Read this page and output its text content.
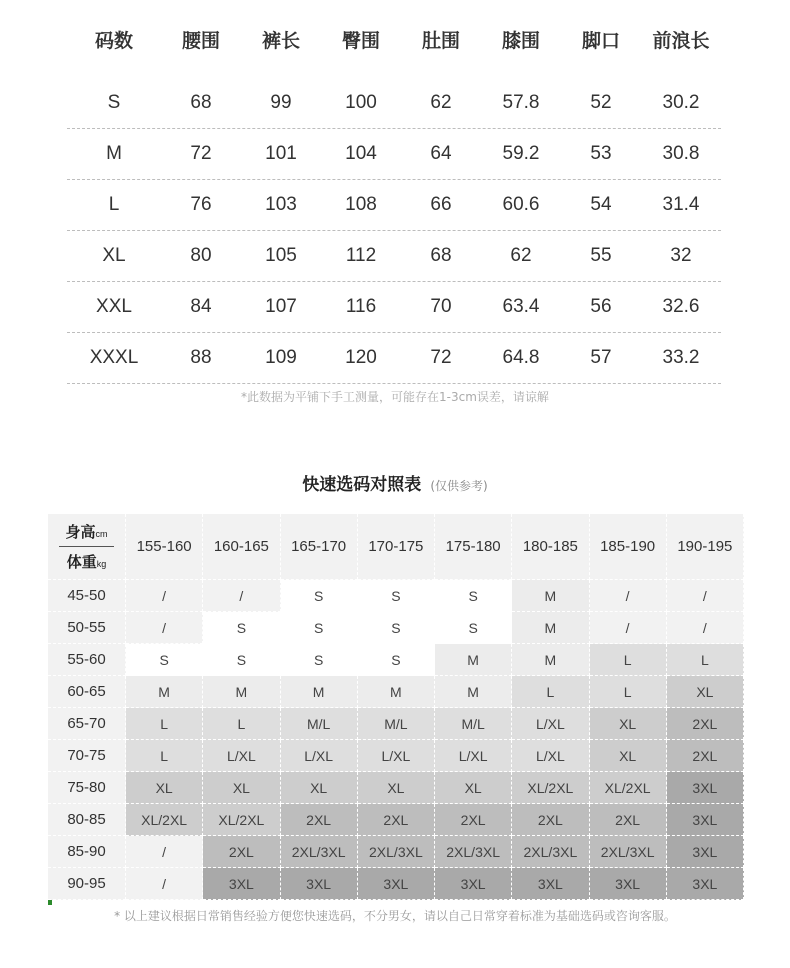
码数	腰围	裤长	臀围	肚围	膝围	脚口	前浪长
S	68	99	100	62	57.8	52	30.2
M	72	101	104	64	59.2	53	30.8
L	76	103	108	66	60.6	54	31.4
XL	80	105	112	68	62	55	32
XXL	84	107	116	70	63.4	56	32.6
XXXL	88	109	120	72	64.8	57	33.2
*此数据为平铺下手工测量，可能存在1-3cm误差，请谅解
快速选码对照表 (仅供参考)
身高cm
体重kg
155-160	160-165	165-170	170-175	175-180	180-185	185-190	190-195
45-50	/	/	S	S	S	M	/	/
50-55	/	S	S	S	S	M	/	/
55-60	S	S	S	S	M	M	L	L
60-65	M	M	M	M	M	L	L	XL
65-70	L	L	M/L	M/L	M/L	L/XL	XL	2XL
70-75	L	L/XL	L/XL	L/XL	L/XL	L/XL	XL	2XL
75-80	XL	XL	XL	XL	XL	XL/2XL	XL/2XL	3XL
80-85	XL/2XL	XL/2XL	2XL	2XL	2XL	2XL	2XL	3XL
85-90	/	2XL	2XL/3XL	2XL/3XL	2XL/3XL	2XL/3XL	2XL/3XL	3XL
90-95	/	3XL	3XL	3XL	3XL	3XL	3XL	3XL
* 以上建议根据日常销售经验方便您快速选码，不分男女，请以自己日常穿着标准为基础选码或咨询客服。
